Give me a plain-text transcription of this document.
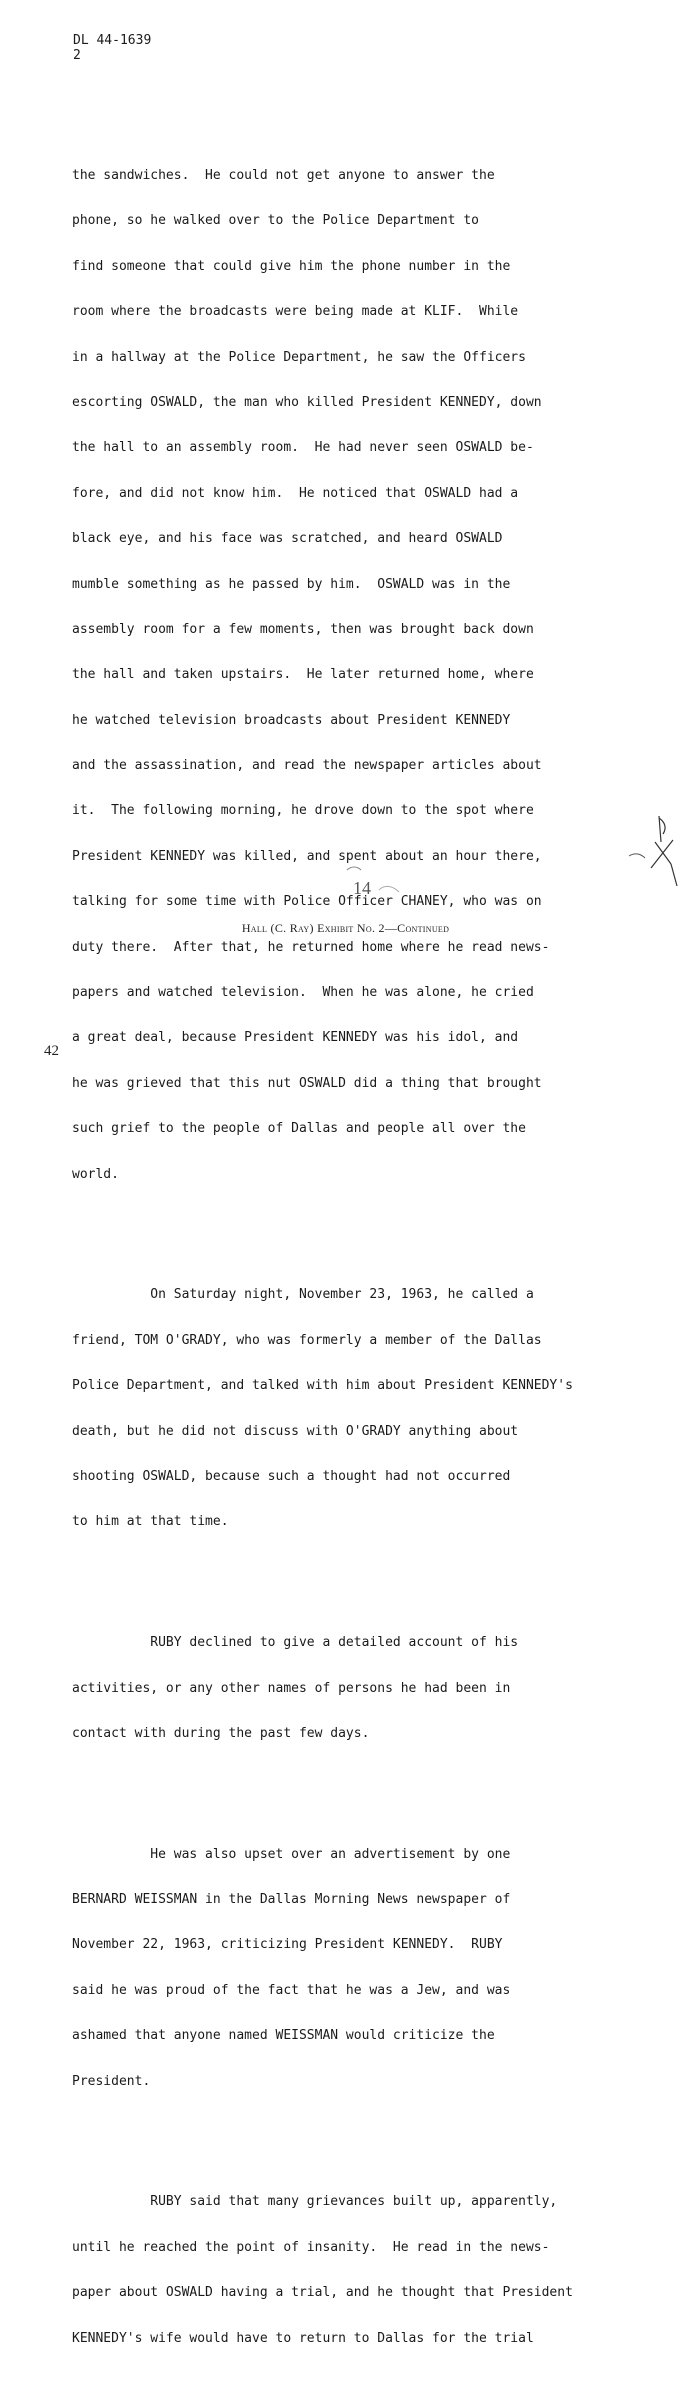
DL 44-1639
2

the sandwiches.  He could not get anyone to answer the

phone, so he walked over to the Police Department to

find someone that could give him the phone number in the

room where the broadcasts were being made at KLIF.  While

in a hallway at the Police Department, he saw the Officers

escorting OSWALD, the man who killed President KENNEDY, down

the hall to an assembly room.  He had never seen OSWALD be-

fore, and did not know him.  He noticed that OSWALD had a

black eye, and his face was scratched, and heard OSWALD

mumble something as he passed by him.  OSWALD was in the

assembly room for a few moments, then was brought back down

the hall and taken upstairs.  He later returned home, where

he watched television broadcasts about President KENNEDY

and the assassination, and read the newspaper articles about

it.  The following morning, he drove down to the spot where

President KENNEDY was killed, and spent about an hour there,

talking for some time with Police Officer CHANEY, who was on

duty there.  After that, he returned home where he read news-

papers and watched television.  When he was alone, he cried

a great deal, because President KENNEDY was his idol, and

he was grieved that this nut OSWALD did a thing that brought

such grief to the people of Dallas and people all over the

world.

On Saturday night, November 23, 1963, he called a

friend, TOM O'GRADY, who was formerly a member of the Dallas

Police Department, and talked with him about President KENNEDY's

death, but he did not discuss with O'GRADY anything about

shooting OSWALD, because such a thought had not occurred

to him at that time.

RUBY declined to give a detailed account of his

activities, or any other names of persons he had been in

contact with during the past few days.

He was also upset over an advertisement by one

BERNARD WEISSMAN in the Dallas Morning News newspaper of

November 22, 1963, criticizing President KENNEDY.  RUBY

said he was proud of the fact that he was a Jew, and was

ashamed that anyone named WEISSMAN would criticize the

President.

RUBY said that many grievances built up, apparently,

until he reached the point of insanity.  He read in the news-

paper about OSWALD having a trial, and he thought that President

KENNEDY's wife would have to return to Dallas for the trial

14
Hall (C. Ray) Exhibit No. 2—Continued
42
